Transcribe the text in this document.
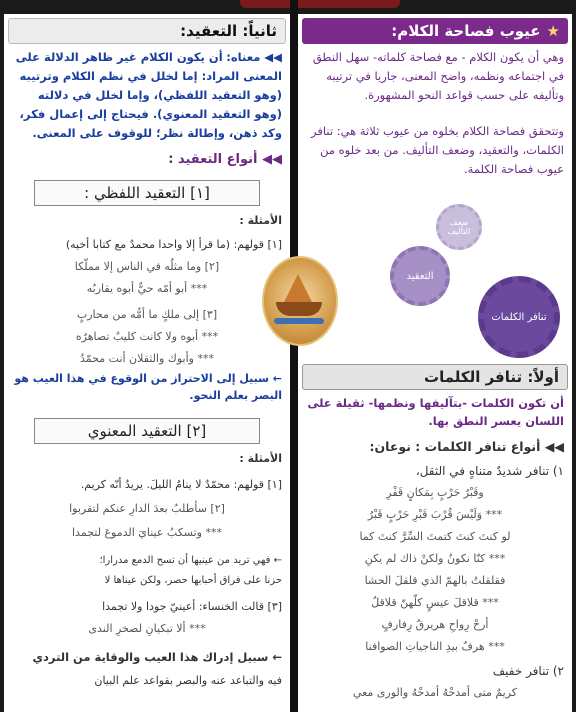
ثانياً: التعقيد:
◀◀ معناه: أن يكون الكلام غير ظاهر الدلالة على المعنى المراد: إما لخلل في نظم الكلام وترتيبه (وهو التعقيد اللفظي)، وإما لخلل في دلالته (وهو التعقيد المعنوي). فيحتاج إلى إعمال فكر، وكد ذهن، وإطالة نظر؛ للوقوف على المعنى.
◀◀ أنواع التعقيد :
[١] التعقيد اللفظي :
الأمثلة :
[١] قولهم: (ما قرأ إلا واحدا محمدٌ مع كتابا أخيه)
[٢] وما مثلُه في الناس إلا مملّكا
*** أبو أمّه حيٌّ أبوه يقاربُه
[٣] إلى ملكٍ ما أمُّه من محاربٍ
*** أبوه ولا كانت كليبٌ تصاهرُه
*** وأبوك والثقلان أنت محمّدُ
← سبيل إلى الاحتراز من الوقوع في هذا العيب هو البصر بعلم النحو.
[٢] التعقيد المعنوي
الأمثلة :
[١] قولهم: محمّدٌ لا ينامُ الليلَ. يريدُ أنّه كريم.
[٢] سأطلبُ بعدَ الدارِ عنكم لتقربوا
*** وتسكبُ عينايَ الدموعَ لتجمدا
← فهي تريد من عينيها أن تسح الدمع مدرارا؛
حزنا على فراق أحبابها حصر، ولكن عيناها لا
[٣] قالت الخنساء: أعينيّ جودا ولا تجمدا
*** ألا تبكيانِ لصخرِ الندى
← سبيل إدراك هذا العيب والوقاية من التردي
فيه والتباعد عنه والبصر بقواعد علم البيان
★
عيوب فصاحة الكلام:
وهي أن يكون الكلام - مع فصاحة كلماته- سهل النطق في اجتماعه ونظمه، واضح المعنى، جاريا في ترتيبه وتأليفه على حسب قواعد النحو المشهورة.
وتتحقق فصاحة الكلام بخلوه من عيوب ثلاثة هي: تنافر الكلمات، والتعقيد، وضعف التأليف. من بعد خلوه من عيوب فصاحة الكلمة.
تنافر الكلمات
التعقيد
ضعف التأليف
أولاً: تنافر الكلمات
أن تكون الكلمات -بتآليفها ونظمها- ثقيلة على اللسان يعسر النطق بها.
◀◀ أنواع تنافر الكلمات : نوعان:
١) تنافر شديدٌ متناهٍ في الثقل،
وقَبْرُ حَرْبٍ بِمَكانٍ قَفْرِ
*** وَلَيْسَ قُرْبَ قَبْرِ حَرْبٍ قَبْرُ
لو كنتَ كنتَ كتمتَ السِّرَّ كنتَ كما
*** كنّا نكونُ ولكنْ ذاك لم يكنِ
فقلقلتُ بالهمّ الذي قلقلَ الحشا
*** قلاقلَ عيسٍ كلّهنّ قلاقلُ
أرحْ رِواحِ هريرقُ رِفارفٍ
*** هرفٌ بيدِ الناجياتِ الصوافنا
٢) تنافر خفيف
كريمٌ متى أمدحْهُ أمدحْهُ والورى معي
